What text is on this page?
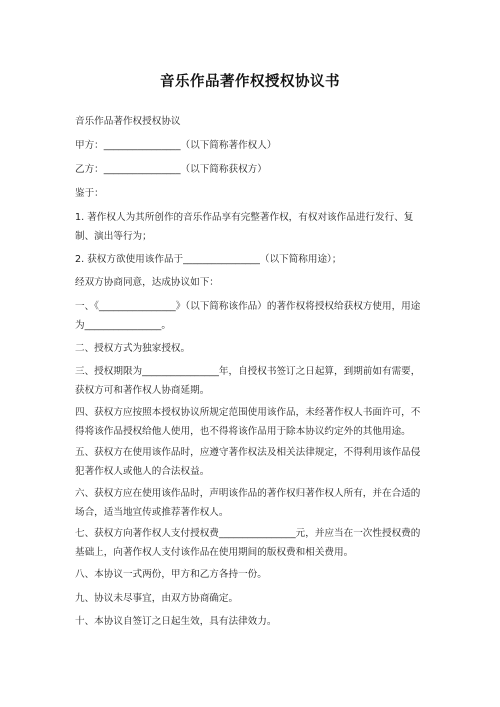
音乐作品著作权授权协议书
音乐作品著作权授权协议
甲方：________________（以下简称著作权人）
乙方：________________（以下简称获权方）
鉴于：
1. 著作权人为其所创作的音乐作品享有完整著作权，有权对该作品进行发行、复制、演出等行为；
2. 获权方欲使用该作品于________________（以下简称用途）；
经双方协商同意，达成协议如下：
一、《________________》（以下简称该作品）的著作权将授权给获权方使用，用途为________________。
二、授权方式为独家授权。
三、授权期限为________________年，自授权书签订之日起算，到期前如有需要，获权方可和著作权人协商延期。
四、获权方应按照本授权协议所规定范围使用该作品，未经著作权人书面许可，不得将该作品授权给他人使用，也不得将该作品用于除本协议约定外的其他用途。
五、获权方在使用该作品时，应遵守著作权法及相关法律规定，不得利用该作品侵犯著作权人或他人的合法权益。
六、获权方应在使用该作品时，声明该作品的著作权归著作权人所有，并在合适的场合，适当地宣传或推荐著作权人。
七、获权方向著作权人支付授权费________________元，并应当在一次性授权费的基础上，向著作权人支付该作品在使用期间的版权费和相关费用。
八、本协议一式两份，甲方和乙方各持一份。
九、协议未尽事宜，由双方协商确定。
十、本协议自签订之日起生效，具有法律效力。
